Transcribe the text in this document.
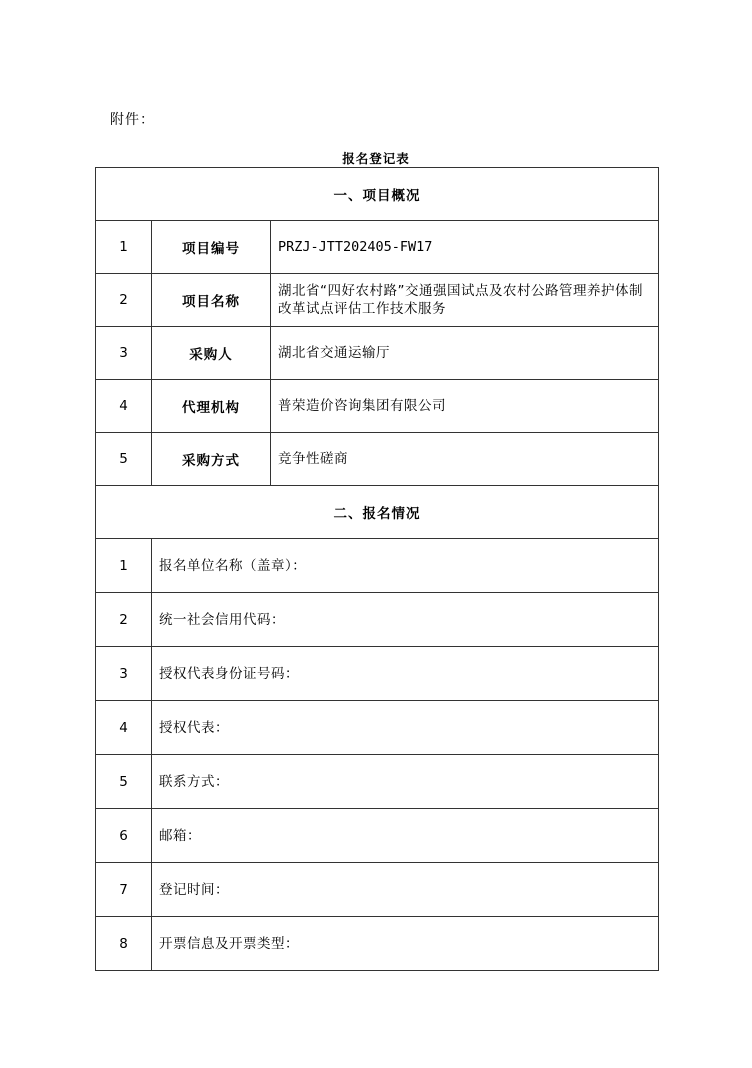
附件：
报名登记表
一、项目概况		
1	项目编号	PRZJ-JTT202405-FW17
2	项目名称	湖北省“四好农村路”交通强国试点及农村公路管理养护体制改革试点评估工作技术服务
3	采购人	湖北省交通运输厅
4	代理机构	普荣造价咨询集团有限公司
5	采购方式	竞争性磋商
二、报名情况		
1	报名单位名称（盖章）：	
2	统一社会信用代码：	
3	授权代表身份证号码：	
4	授权代表：	
5	联系方式：	
6	邮箱：	
7	登记时间：	
8	开票信息及开票类型：	
